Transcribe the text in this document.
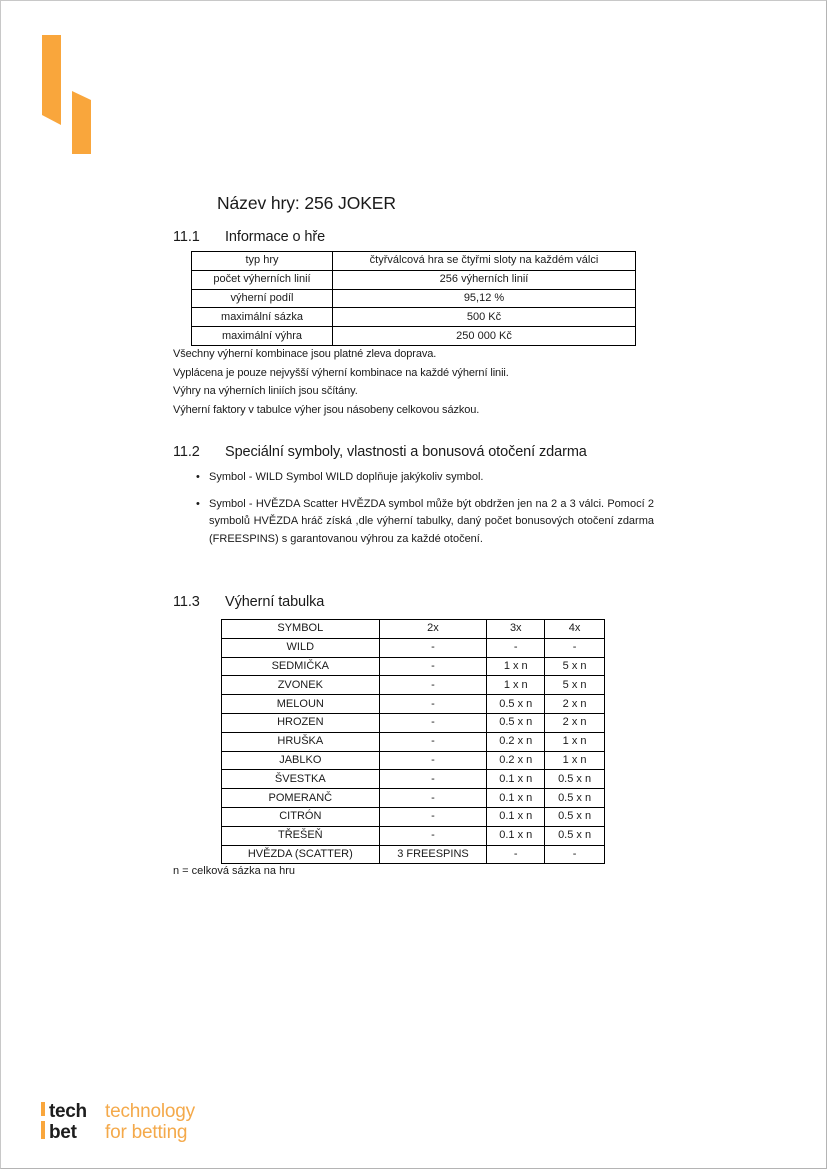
Název hry: 256 JOKER
11.1 Informace o hře
typ hry	čtyřválcová hra se čtyřmi sloty na každém válci
počet výherních linií	256 výherních linií
výherní podíl	95,12 %
maximální sázka	500 Kč
maximální výhra	250 000 Kč
Všechny výherní kombinace jsou platné zleva doprava.
Vyplácena je pouze nejvyšší výherní kombinace na každé výherní linii.
Výhry na výherních liniích jsou sčítány.
Výherní faktory v tabulce výher jsou násobeny celkovou sázkou.
11.2 Speciální symboly, vlastnosti a bonusová otočení zdarma
• Symbol - WILD Symbol WILD doplňuje jakýkoliv symbol.
• Symbol - HVĚZDA Scatter HVĚZDA symbol může být obdržen jen na 2 a 3 válci. Pomocí 2 symbolů HVĚZDA hráč získá ,dle výherní tabulky, daný počet bonusových otočení zdarma (FREESPINS) s garantovanou výhrou za každé otočení.
11.3 Výherní tabulka
SYMBOL	2x	3x	4x
WILD	-	-	-
SEDMIČKA	-	1 x n	5 x n
ZVONEK	-	1 x n	5 x n
MELOUN	-	0.5 x n	2 x n
HROZEN	-	0.5 x n	2 x n
HRUŠKA	-	0.2 x n	1 x n
JABLKO	-	0.2 x n	1 x n
ŠVESTKA	-	0.1 x n	0.5 x n
POMERANČ	-	0.1 x n	0.5 x n
CITRÓN	-	0.1 x n	0.5 x n
TŘEŠEŇ	-	0.1 x n	0.5 x n
HVĚZDA (SCATTER)	3 FREESPINS	-	-
n = celková sázka na hru
tech
bet
technology
for betting
